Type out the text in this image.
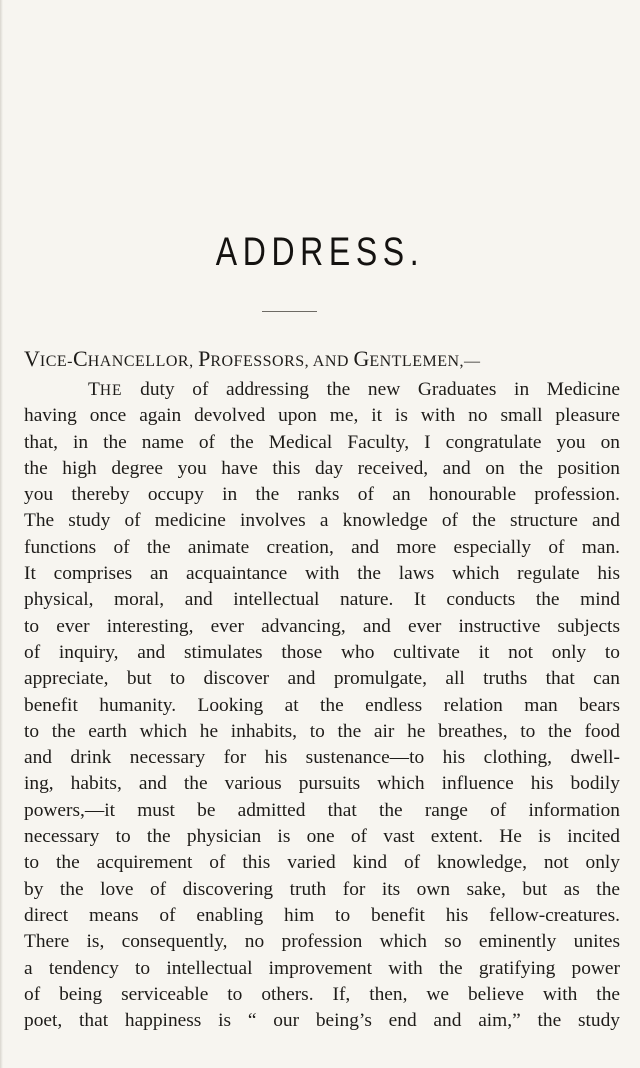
ADDRESS.
VICE-CHANCELLOR, PROFESSORS, AND GENTLEMEN,—
THE duty of addressing the new Graduates in Medicine
having once again devolved upon me, it is with no small pleasure
that, in the name of the Medical Faculty, I congratulate you on
the high degree you have this day received, and on the position
you thereby occupy in the ranks of an honourable profession.
The study of medicine involves a knowledge of the structure and
functions of the animate creation, and more especially of man.
It comprises an acquaintance with the laws which regulate his
physical, moral, and intellectual nature. It conducts the mind
to ever interesting, ever advancing, and ever instructive subjects
of inquiry, and stimulates those who cultivate it not only to
appreciate, but to discover and promulgate, all truths that can
benefit humanity. Looking at the endless relation man bears
to the earth which he inhabits, to the air he breathes, to the food
and drink necessary for his sustenance—to his clothing, dwell-
ing, habits, and the various pursuits which influence his bodily
powers,—it must be admitted that the range of information
necessary to the physician is one of vast extent. He is incited
to the acquirement of this varied kind of knowledge, not only
by the love of discovering truth for its own sake, but as the
direct means of enabling him to benefit his fellow-creatures.
There is, consequently, no profession which so eminently unites
a tendency to intellectual improvement with the gratifying power
of being serviceable to others. If, then, we believe with the
poet, that happiness is “ our being’s end and aim,” the study
